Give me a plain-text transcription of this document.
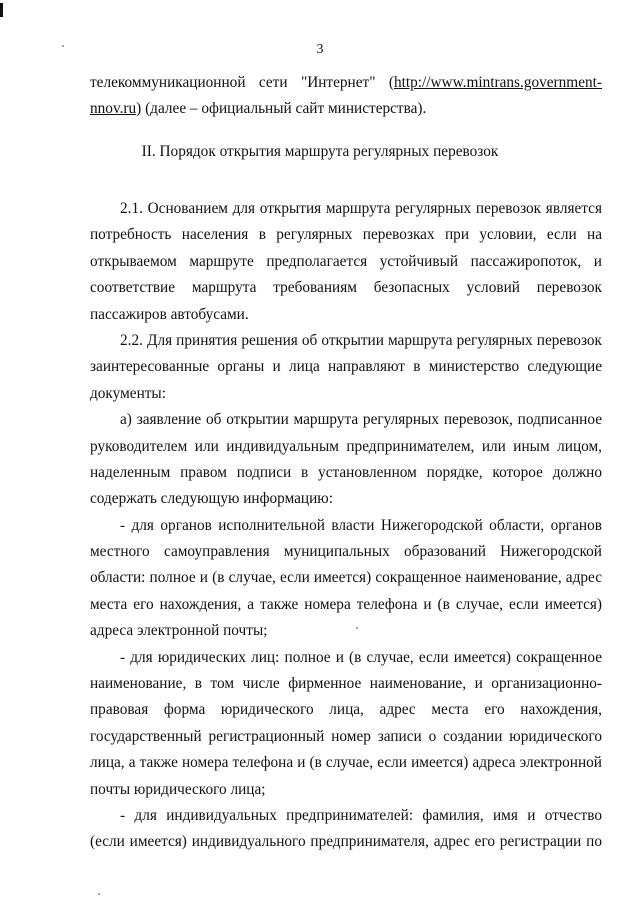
3
телекоммуникационной сети "Интернет" (http://www.mintrans.government-
nnov.ru) (далее – официальный сайт министерства).
II. Порядок открытия маршрута регулярных перевозок
2.1. Основанием для открытия маршрута регулярных перевозок является
потребность населения в регулярных перевозках при условии, если на
открываемом маршруте предполагается устойчивый пассажиропоток, и
соответствие маршрута требованиям безопасных условий перевозок
пассажиров автобусами.
2.2. Для принятия решения об открытии маршрута регулярных перевозок
заинтересованные органы и лица направляют в министерство следующие
документы:
а) заявление об открытии маршрута регулярных перевозок, подписанное
руководителем или индивидуальным предпринимателем, или иным лицом,
наделенным правом подписи в установленном порядке, которое должно
содержать следующую информацию:
- для органов исполнительной власти Нижегородской области, органов
местного самоуправления муниципальных образований Нижегородской
области: полное и (в случае, если имеется) сокращенное наименование, адрес
места его нахождения, а также номера телефона и (в случае, если имеется)
адреса электронной почты;
- для юридических лиц: полное и (в случае, если имеется) сокращенное
наименование, в том числе фирменное наименование, и организационно-
правовая форма юридического лица, адрес места его нахождения,
государственный регистрационный номер записи о создании юридического
лица, а также номера телефона и (в случае, если имеется) адреса электронной
почты юридического лица;
- для индивидуальных предпринимателей: фамилия, имя и отчество
(если имеется) индивидуального предпринимателя, адрес его регистрации по
